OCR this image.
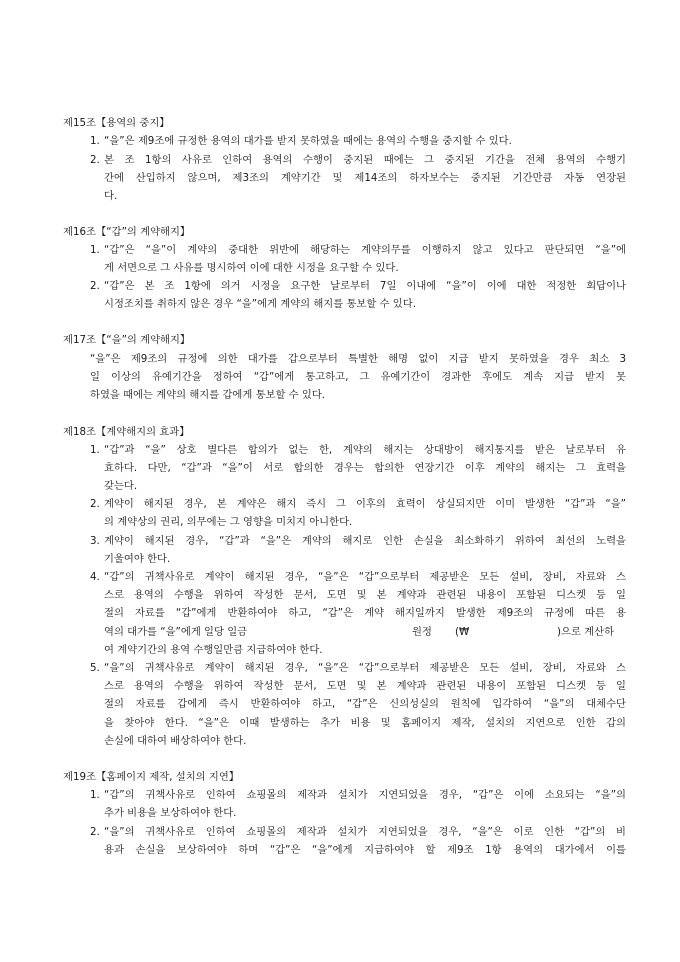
제15조【용역의 중지】
1. “을”은 제9조에 규정한 용역의 대가를 받지 못하였을 때에는 용역의 수행을 중지할 수 있다.
2. 본 조 1항의 사유로 인하여 용역의 수행이 중지된 때에는 그 중지된 기간을 전체 용역의 수행기
간에 산입하지 않으며, 제3조의 계약기간 및 제14조의 하자보수는 중지된 기간만큼 자동 연장된
다.
제16조【“갑”의 계약해지】
1. “갑”은 “을”이 계약의 중대한 위반에 해당하는 계약의무를 이행하지 않고 있다고 판단되면 “을”에
게 서면으로 그 사유를 명시하여 이에 대한 시정을 요구할 수 있다.
2. “갑”은 본 조 1항에 의거 시정을 요구한 날로부터 7일 이내에 “을”이 이에 대한 적정한 회답이나
시정조치를 취하지 않은 경우 “을”에게 계약의 해지를 통보할 수 있다.
제17조【“을”의 계약해지】
“을”은 제9조의 규정에 의한 대가를 갑으로부터 특별한 해명 없이 지급 받지 못하였을 경우 최소 3
일 이상의 유예기간을 정하여 “갑”에게 통고하고, 그 유예기간이 경과한 후에도 계속 지급 받지 못
하였을 때에는 계약의 해지를 갑에게 통보할 수 있다.
제18조【계약해지의 효과】
1. “갑”과 “을” 상호 별다른 합의가 없는 한, 계약의 해지는 상대방이 해지통지를 받은 날로부터 유
효하다. 다만, “갑”과 “을”이 서로 합의한 경우는 합의한 연장기간 이후 계약의 해지는 그 효력을
갖는다.
2. 계약이 해지된 경우, 본 계약은 해지 즉시 그 이후의 효력이 상실되지만 이미 발생한 “갑”과 “을”
의 계약상의 권리, 의무에는 그 영향을 미치지 아니한다.
3. 계약이 해지된 경우, “갑”과 “을”은 계약의 해지로 인한 손실을 최소화하기 위하여 최선의 노력을
기울여야 한다.
4. “갑”의 귀책사유로 계약이 해지된 경우, “을”은 “갑”으로부터 제공받은 모든 설비, 장비, 자료와 스
스로 용역의 수행을 위하여 작성한 문서, 도면 및 본 계약과 관련된 내용이 포함된 디스켓 등 일
절의 자료를 “갑”에게 반환하여야 하고, “갑”은 계약 해지일까지 발생한 제9조의 규정에 따른 용
역의 대가를 “을”에게 일당 일금	원정 (₩	)으로 계산하
여 계약기간의 용역 수행일만큼 지급하여야 한다.
5. “을”의 귀책사유로 계약이 해지된 경우, “을”은 “갑”으로부터 제공받은 모든 설비, 장비, 자료와 스
스로 용역의 수행을 위하여 작성한 문서, 도면 및 본 계약과 관련된 내용이 포함된 디스켓 등 일
절의 자료를 갑에게 즉시 반환하여야 하고, “갑”은 신의성실의 원칙에 입각하여 “을”의 대체수단
을 찾아야 한다. “을”은 이때 발생하는 추가 비용 및 홈페이지 제작, 설치의 지연으로 인한 갑의
손실에 대하여 배상하여야 한다.
제19조【홈페이지 제작, 설치의 지연】
1. “갑”의 귀책사유로 인하여 쇼핑몰의 제작과 설치가 지연되었을 경우, “갑”은 이에 소요되는 “을”의
추가 비용을 보상하여야 한다.
2. “을”의 귀책사유로 인하여 쇼핑몰의 제작과 설치가 지연되었을 경우, “을”은 이로 인한 “갑”의 비
용과 손실을 보상하여야 하며 “갑”은 “을”에게 지급하여야 할 제9조 1항 용역의 대가에서 이를
